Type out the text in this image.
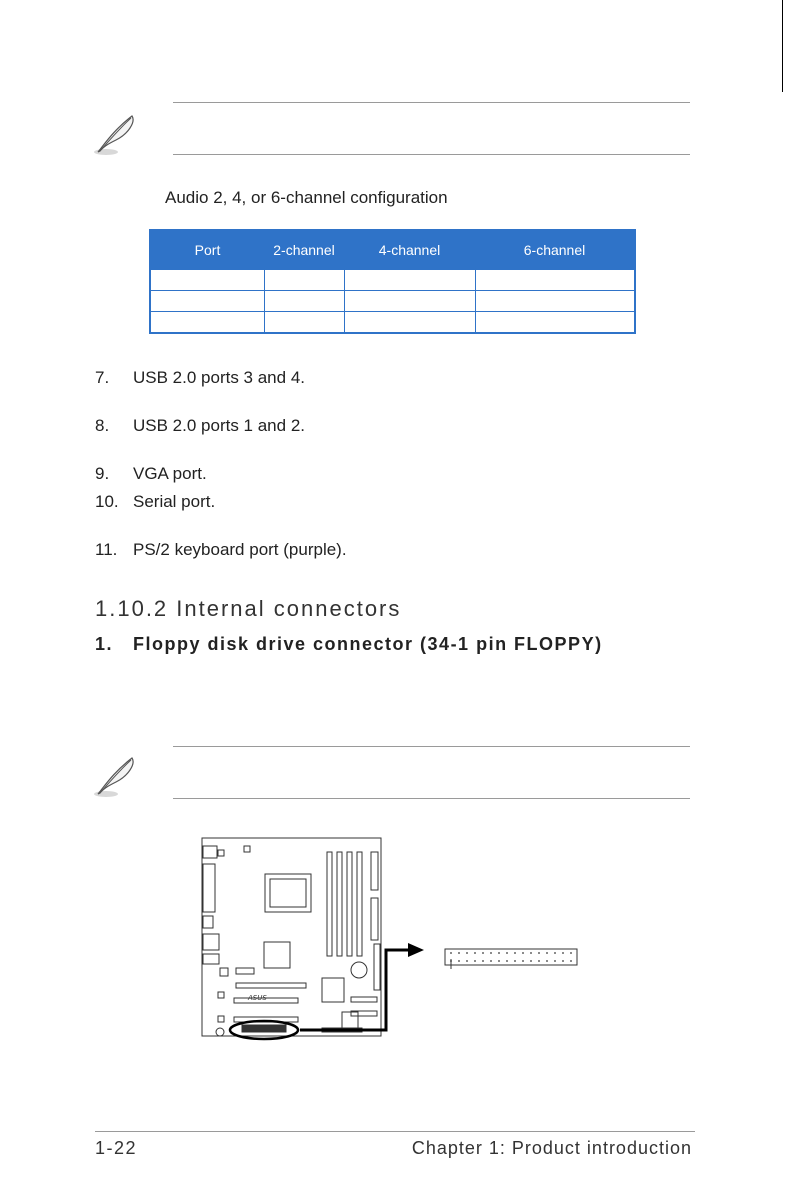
Audio 2, 4, or 6-channel configuration
Port	2-channel	4-channel	6-channel

7. USB 2.0 ports 3 and 4.
8. USB 2.0 ports 1 and 2.
9. VGA port.
10. Serial port.
11. PS/2 keyboard port (purple).
1.10.2 Internal connectors
1. Floppy disk drive connector (34-1 pin FLOPPY)
ASUS
1-22	Chapter 1: Product introduction
